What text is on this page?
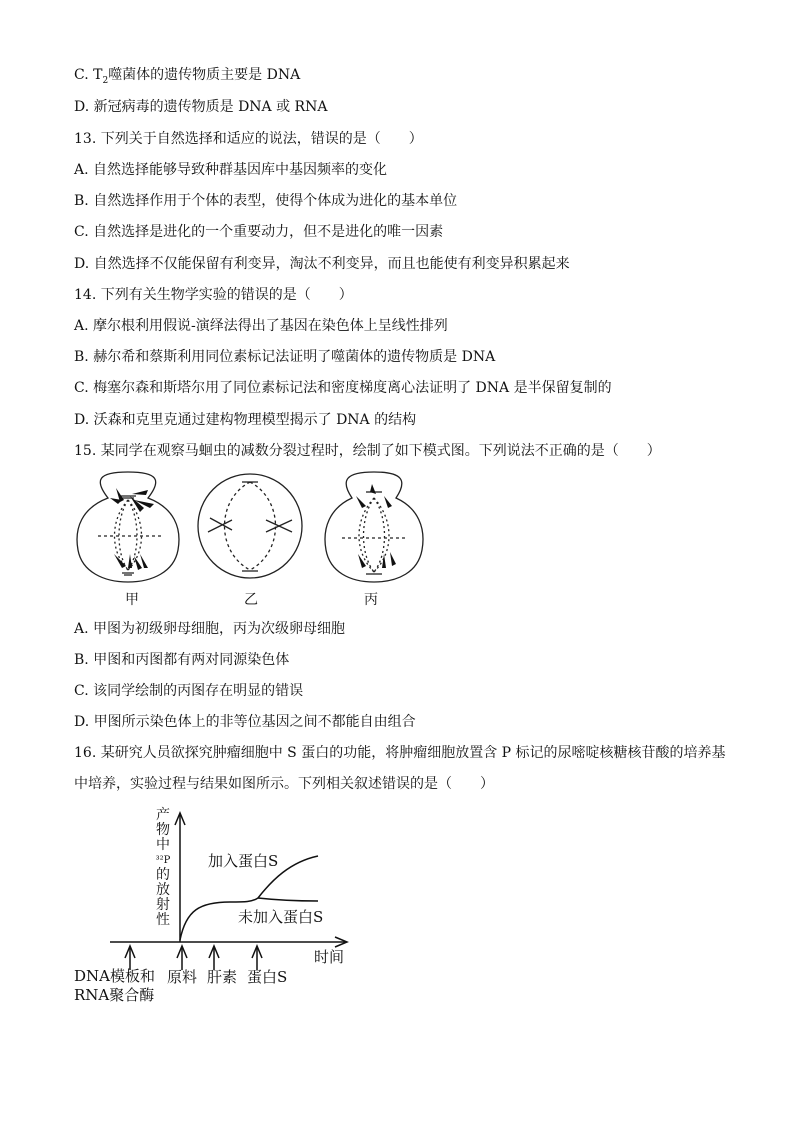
C. $T_2$噬菌体的遗传物质主要是 DNA
D. 新冠病毒的遗传物质是 DNA 或 RNA
13. 下列关于自然选择和适应的说法，错误的是（　　）
A. 自然选择能够导致种群基因库中基因频率的变化
B. 自然选择作用于个体的表型，使得个体成为进化的基本单位
C. 自然选择是进化的一个重要动力，但不是进化的唯一因素
D. 自然选择不仅能保留有利变异，淘汰不利变异，而且也能使有利变异积累起来
14. 下列有关生物学实验的错误的是（　　）
A. 摩尔根利用假说-演绎法得出了基因在染色体上呈线性排列
B. 赫尔希和蔡斯利用同位素标记法证明了噬菌体的遗传物质是 DNA
C. 梅塞尔森和斯塔尔用了同位素标记法和密度梯度离心法证明了 DNA 是半保留复制的
D. 沃森和克里克通过建构物理模型揭示了 DNA 的结构
15. 某同学在观察马蛔虫的减数分裂过程时，绘制了如下模式图。下列说法不正确的是（　　）
甲	乙	丙
A. 甲图为初级卵母细胞，丙为次级卵母细胞
B. 甲图和丙图都有两对同源染色体
C. 该同学绘制的丙图存在明显的错误
D. 甲图所示染色体上的非等位基因之间不都能自由组合
16. 某研究人员欲探究肿瘤细胞中 S 蛋白的功能，将肿瘤细胞放置含 P 标记的尿嘧啶核糖核苷酸的培养基
中培养，实验过程与结果如图所示。下列相关叙述错误的是（　　）
产
物
中
³²P
的
放
射
性
时间
加入蛋白S
未加入蛋白S
DNA模板和
RNA聚合酶
原料 肝素 蛋白S
